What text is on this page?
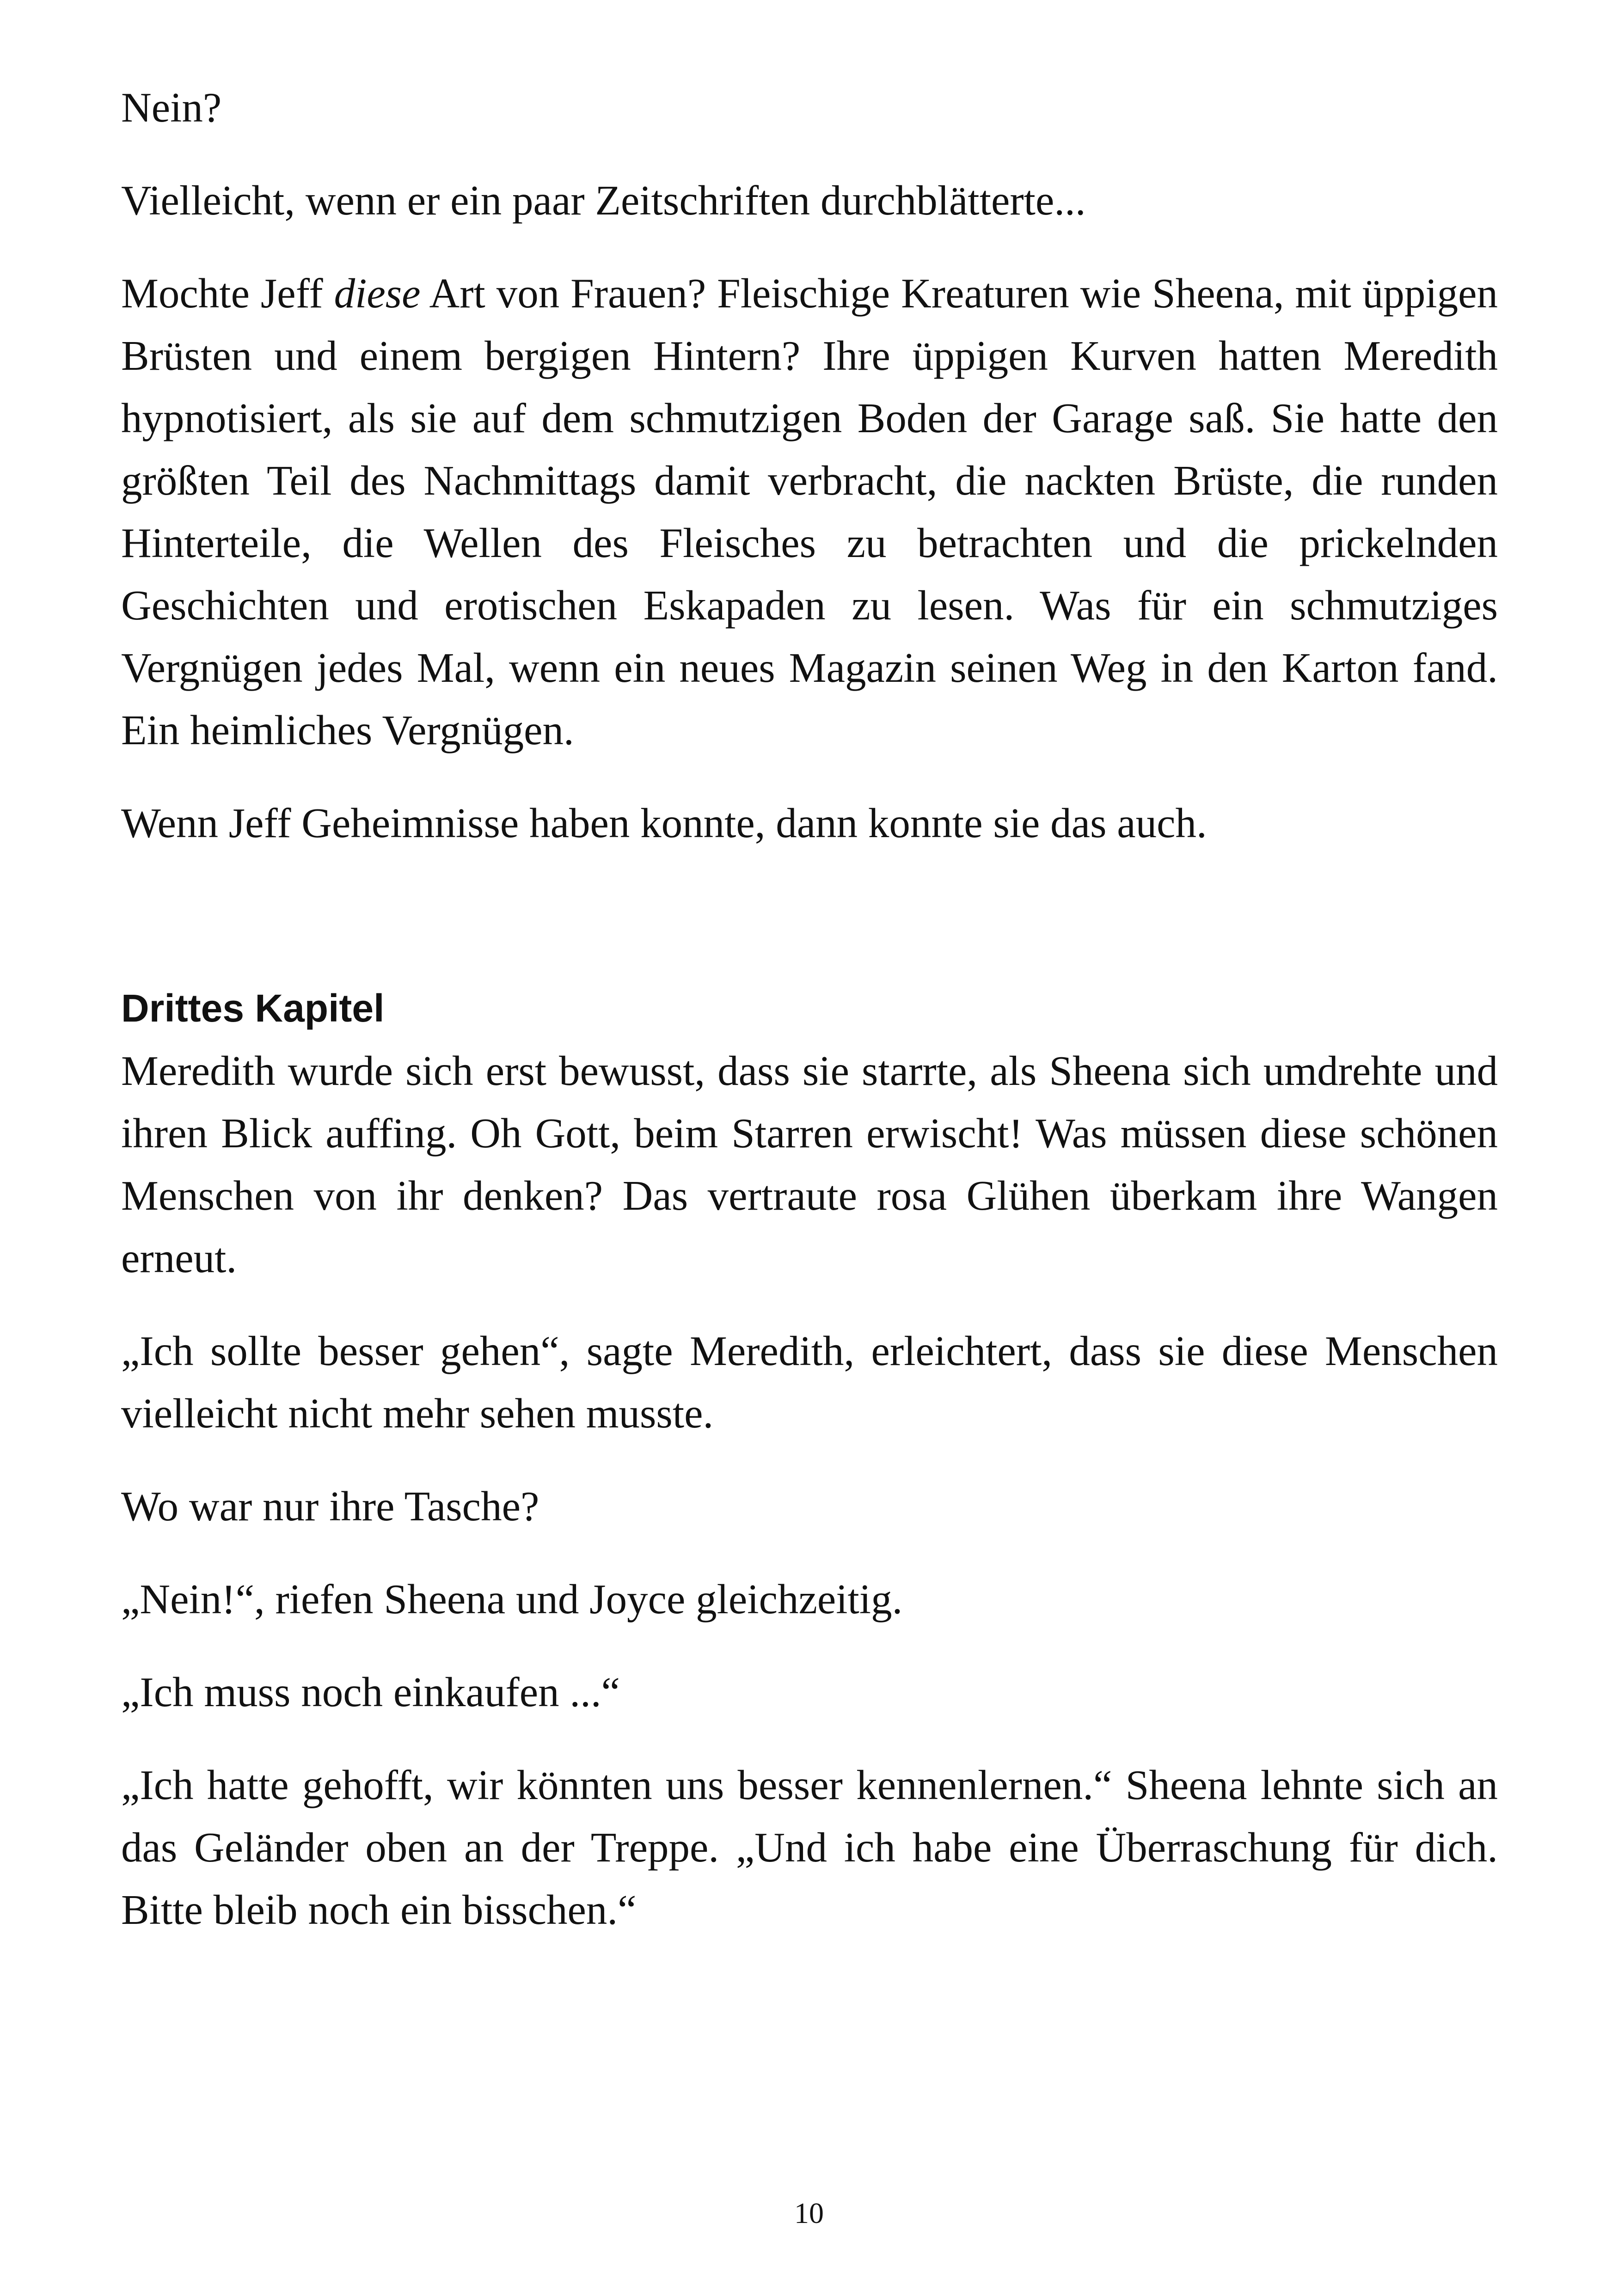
Nein?

Vielleicht, wenn er ein paar Zeitschriften durchblätterte...

Mochte Jeff diese Art von Frauen? Fleischige Kreaturen wie Sheena, mit üppigen Brüsten und einem bergigen Hintern? Ihre üppigen Kurven hatten Meredith hypnotisiert, als sie auf dem schmutzigen Boden der Garage saß. Sie hatte den größten Teil des Nachmittags damit verbracht, die nackten Brüste, die runden Hinterteile, die Wellen des Fleisches zu betrachten und die prickelnden Geschichten und erotischen Eskapaden zu lesen. Was für ein schmutziges Vergnügen jedes Mal, wenn ein neues Magazin seinen Weg in den Karton fand. Ein heimliches Vergnügen.

Wenn Jeff Geheimnisse haben konnte, dann konnte sie das auch.

Drittes Kapitel

Meredith wurde sich erst bewusst, dass sie starrte, als Sheena sich umdrehte und ihren Blick auffing. Oh Gott, beim Starren erwischt! Was müssen diese schönen Menschen von ihr denken? Das vertraute rosa Glühen überkam ihre Wangen erneut.

„Ich sollte besser gehen“, sagte Meredith, erleichtert, dass sie diese Menschen vielleicht nicht mehr sehen musste.

Wo war nur ihre Tasche?

„Nein!“, riefen Sheena und Joyce gleichzeitig.

„Ich muss noch einkaufen ...“

„Ich hatte gehofft, wir könnten uns besser kennenlernen.“ Sheena lehnte sich an das Geländer oben an der Treppe. „Und ich habe eine Überraschung für dich. Bitte bleib noch ein bisschen.“

10
